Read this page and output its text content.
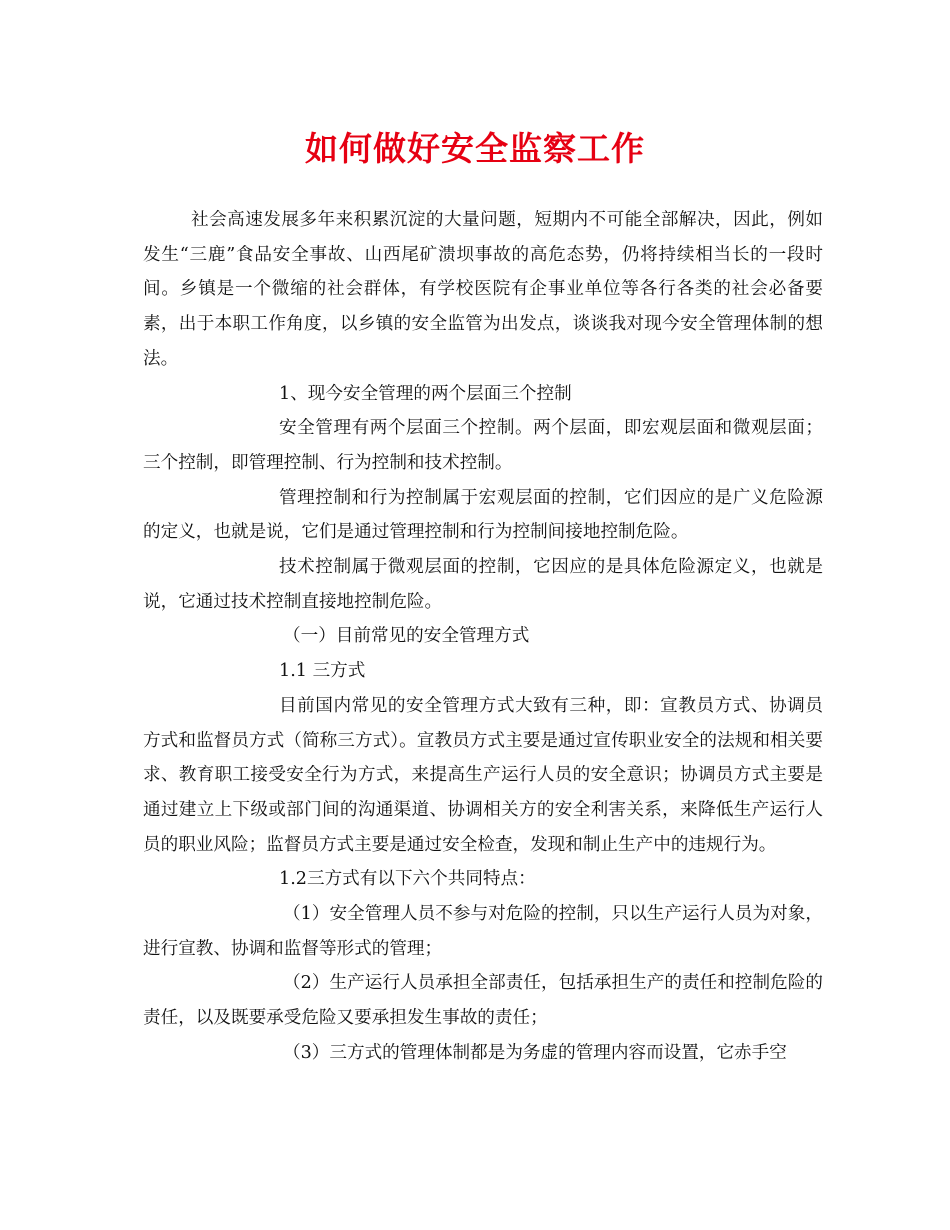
如何做好安全监察工作

社会高速发展多年来积累沉淀的大量问题，短期内不可能全部解决，因此，例如发生“三鹿”食品安全事故、山西尾矿溃坝事故的高危态势，仍将持续相当长的一段时间。乡镇是一个微缩的社会群体，有学校医院有企事业单位等各行各类的社会必备要素，出于本职工作角度，以乡镇的安全监管为出发点，谈谈我对现今安全管理体制的想法。

1、现今安全管理的两个层面三个控制

安全管理有两个层面三个控制。两个层面，即宏观层面和微观层面；三个控制，即管理控制、行为控制和技术控制。

管理控制和行为控制属于宏观层面的控制，它们因应的是广义危险源的定义，也就是说，它们是通过管理控制和行为控制间接地控制危险。

技术控制属于微观层面的控制，它因应的是具体危险源定义，也就是说，它通过技术控制直接地控制危险。

（一）目前常见的安全管理方式

1.1 三方式

目前国内常见的安全管理方式大致有三种，即：宣教员方式、协调员方式和监督员方式（简称三方式）。宣教员方式主要是通过宣传职业安全的法规和相关要求、教育职工接受安全行为方式，来提高生产运行人员的安全意识；协调员方式主要是通过建立上下级或部门间的沟通渠道、协调相关方的安全利害关系，来降低生产运行人员的职业风险；监督员方式主要是通过安全检查，发现和制止生产中的违规行为。

1.2三方式有以下六个共同特点：

（1）安全管理人员不参与对危险的控制，只以生产运行人员为对象，进行宣教、协调和监督等形式的管理；

（2）生产运行人员承担全部责任，包括承担生产的责任和控制危险的责任，以及既要承受危险又要承担发生事故的责任；

（3）三方式的管理体制都是为务虚的管理内容而设置，它赤手空
